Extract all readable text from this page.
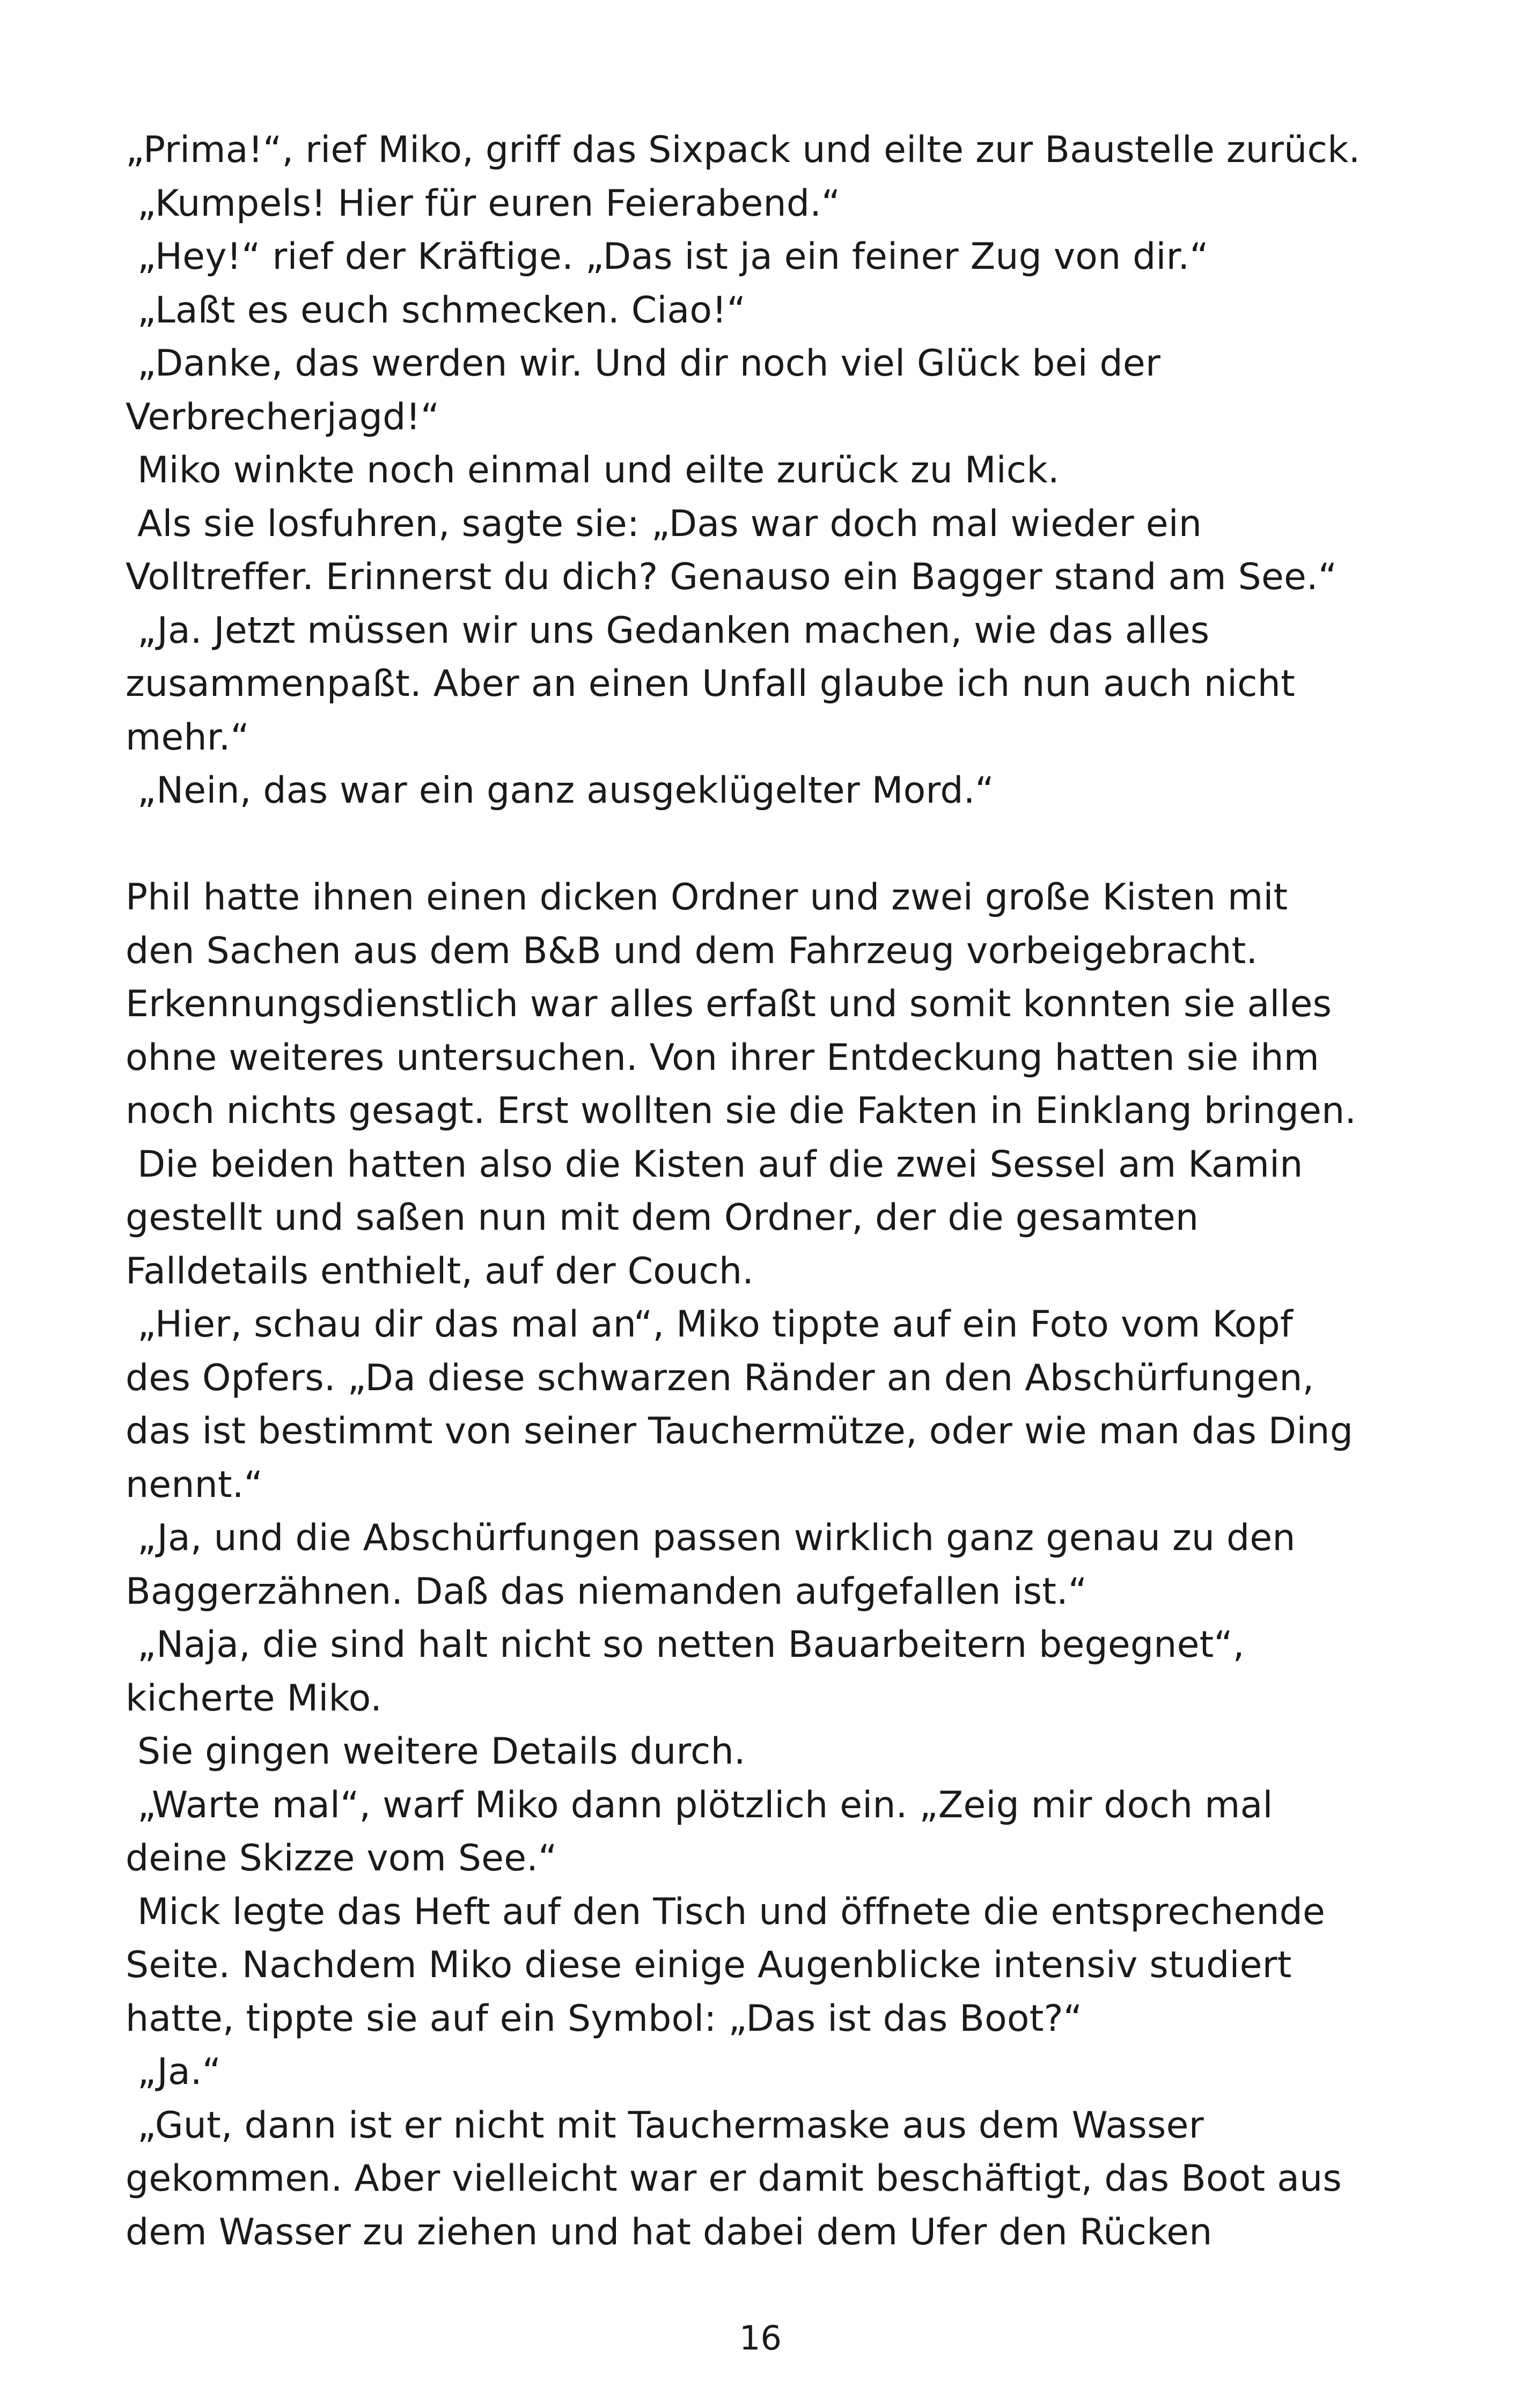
„Prima!“, rief Miko, griff das Sixpack und eilte zur Baustelle zurück.
„Kumpels! Hier für euren Feierabend.“
„Hey!“ rief der Kräftige. „Das ist ja ein feiner Zug von dir.“
„Laßt es euch schmecken. Ciao!“
„Danke, das werden wir. Und dir noch viel Glück bei der
Verbrecherjagd!“
Miko winkte noch einmal und eilte zurück zu Mick.
Als sie losfuhren, sagte sie: „Das war doch mal wieder ein
Volltreffer. Erinnerst du dich? Genauso ein Bagger stand am See.“
„Ja. Jetzt müssen wir uns Gedanken machen, wie das alles
zusammenpaßt. Aber an einen Unfall glaube ich nun auch nicht
mehr.“
„Nein, das war ein ganz ausgeklügelter Mord.“
Phil hatte ihnen einen dicken Ordner und zwei große Kisten mit
den Sachen aus dem B&B und dem Fahrzeug vorbeigebracht.
Erkennungsdienstlich war alles erfaßt und somit konnten sie alles
ohne weiteres untersuchen. Von ihrer Entdeckung hatten sie ihm
noch nichts gesagt. Erst wollten sie die Fakten in Einklang bringen.
Die beiden hatten also die Kisten auf die zwei Sessel am Kamin
gestellt und saßen nun mit dem Ordner, der die gesamten
Falldetails enthielt, auf der Couch.
„Hier, schau dir das mal an“, Miko tippte auf ein Foto vom Kopf
des Opfers. „Da diese schwarzen Ränder an den Abschürfungen,
das ist bestimmt von seiner Tauchermütze, oder wie man das Ding
nennt.“
„Ja, und die Abschürfungen passen wirklich ganz genau zu den
Baggerzähnen. Daß das niemanden aufgefallen ist.“
„Naja, die sind halt nicht so netten Bauarbeitern begegnet“,
kicherte Miko.
Sie gingen weitere Details durch.
„Warte mal“, warf Miko dann plötzlich ein. „Zeig mir doch mal
deine Skizze vom See.“
Mick legte das Heft auf den Tisch und öffnete die entsprechende
Seite. Nachdem Miko diese einige Augenblicke intensiv studiert
hatte, tippte sie auf ein Symbol: „Das ist das Boot?“
„Ja.“
„Gut, dann ist er nicht mit Tauchermaske aus dem Wasser
gekommen. Aber vielleicht war er damit beschäftigt, das Boot aus
dem Wasser zu ziehen und hat dabei dem Ufer den Rücken
16
